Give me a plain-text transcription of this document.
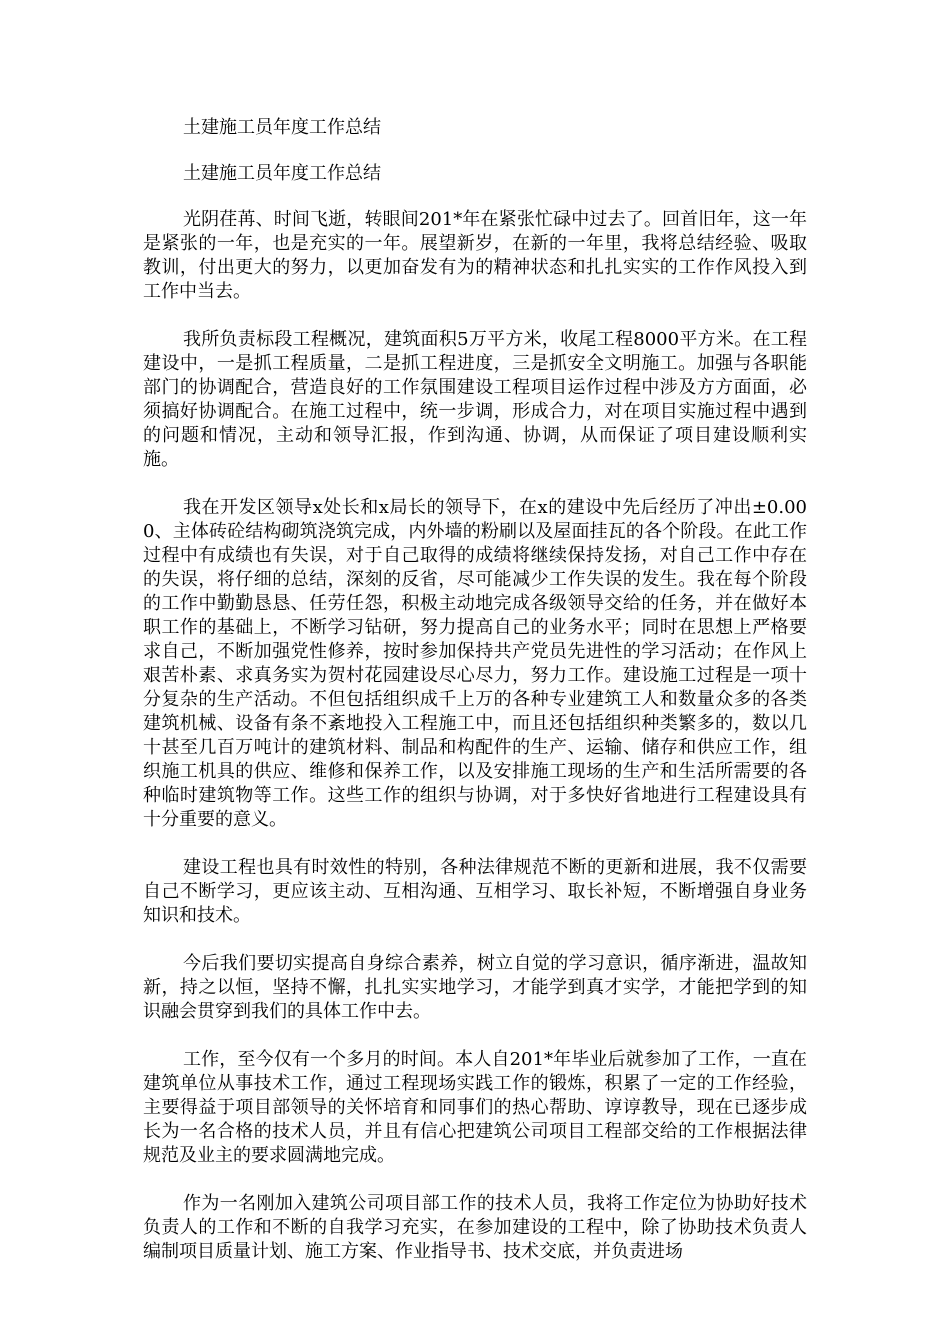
土建施工员年度工作总结

土建施工员年度工作总结

光阴荏苒、时间飞逝，转眼间201*年在紧张忙碌中过去了。回首旧年，这一年是紧张的一年，也是充实的一年。展望新岁，在新的一年里，我将总结经验、吸取教训，付出更大的努力，以更加奋发有为的精神状态和扎扎实实的工作作风投入到工作中当去。

我所负责标段工程概况，建筑面积5万平方米，收尾工程8000平方米。在工程建设中，一是抓工程质量，二是抓工程进度，三是抓安全文明施工。加强与各职能部门的协调配合，营造良好的工作氛围建设工程项目运作过程中涉及方方面面，必须搞好协调配合。在施工过程中，统一步调，形成合力，对在项目实施过程中遇到的问题和情况，主动和领导汇报，作到沟通、协调，从而保证了项目建设顺利实施。

我在开发区领导x处长和x局长的领导下，在x的建设中先后经历了冲出±0.000、主体砖砼结构砌筑浇筑完成，内外墙的粉刷以及屋面挂瓦的各个阶段。在此工作过程中有成绩也有失误，对于自己取得的成绩将继续保持发扬，对自己工作中存在的失误，将仔细的总结，深刻的反省，尽可能减少工作失误的发生。我在每个阶段的工作中勤勤恳恳、任劳任怨，积极主动地完成各级领导交给的任务，并在做好本职工作的基础上，不断学习钻研，努力提高自己的业务水平；同时在思想上严格要求自己，不断加强党性修养，按时参加保持共产党员先进性的学习活动；在作风上艰苦朴素、求真务实为贺村花园建设尽心尽力，努力工作。建设施工过程是一项十分复杂的生产活动。不但包括组织成千上万的各种专业建筑工人和数量众多的各类建筑机械、设备有条不紊地投入工程施工中，而且还包括组织种类繁多的，数以几十甚至几百万吨计的建筑材料、制品和构配件的生产、运输、储存和供应工作，组织施工机具的供应、维修和保养工作，以及安排施工现场的生产和生活所需要的各种临时建筑物等工作。这些工作的组织与协调，对于多快好省地进行工程建设具有十分重要的意义。

建设工程也具有时效性的特别，各种法律规范不断的更新和进展，我不仅需要自己不断学习，更应该主动、互相沟通、互相学习、取长补短，不断增强自身业务知识和技术。

今后我们要切实提高自身综合素养，树立自觉的学习意识，循序渐进，温故知新，持之以恒，坚持不懈，扎扎实实地学习，才能学到真才实学，才能把学到的知识融会贯穿到我们的具体工作中去。

工作，至今仅有一个多月的时间。本人自201*年毕业后就参加了工作，一直在建筑单位从事技术工作，通过工程现场实践工作的锻炼，积累了一定的工作经验，主要得益于项目部领导的关怀培育和同事们的热心帮助、谆谆教导，现在已逐步成长为一名合格的技术人员，并且有信心把建筑公司项目工程部交给的工作根据法律规范及业主的要求圆满地完成。

作为一名刚加入建筑公司项目部工作的技术人员，我将工作定位为协助好技术负责人的工作和不断的自我学习充实，在参加建设的工程中，除了协助技术负责人编制项目质量计划、施工方案、作业指导书、技术交底，并负责进场
